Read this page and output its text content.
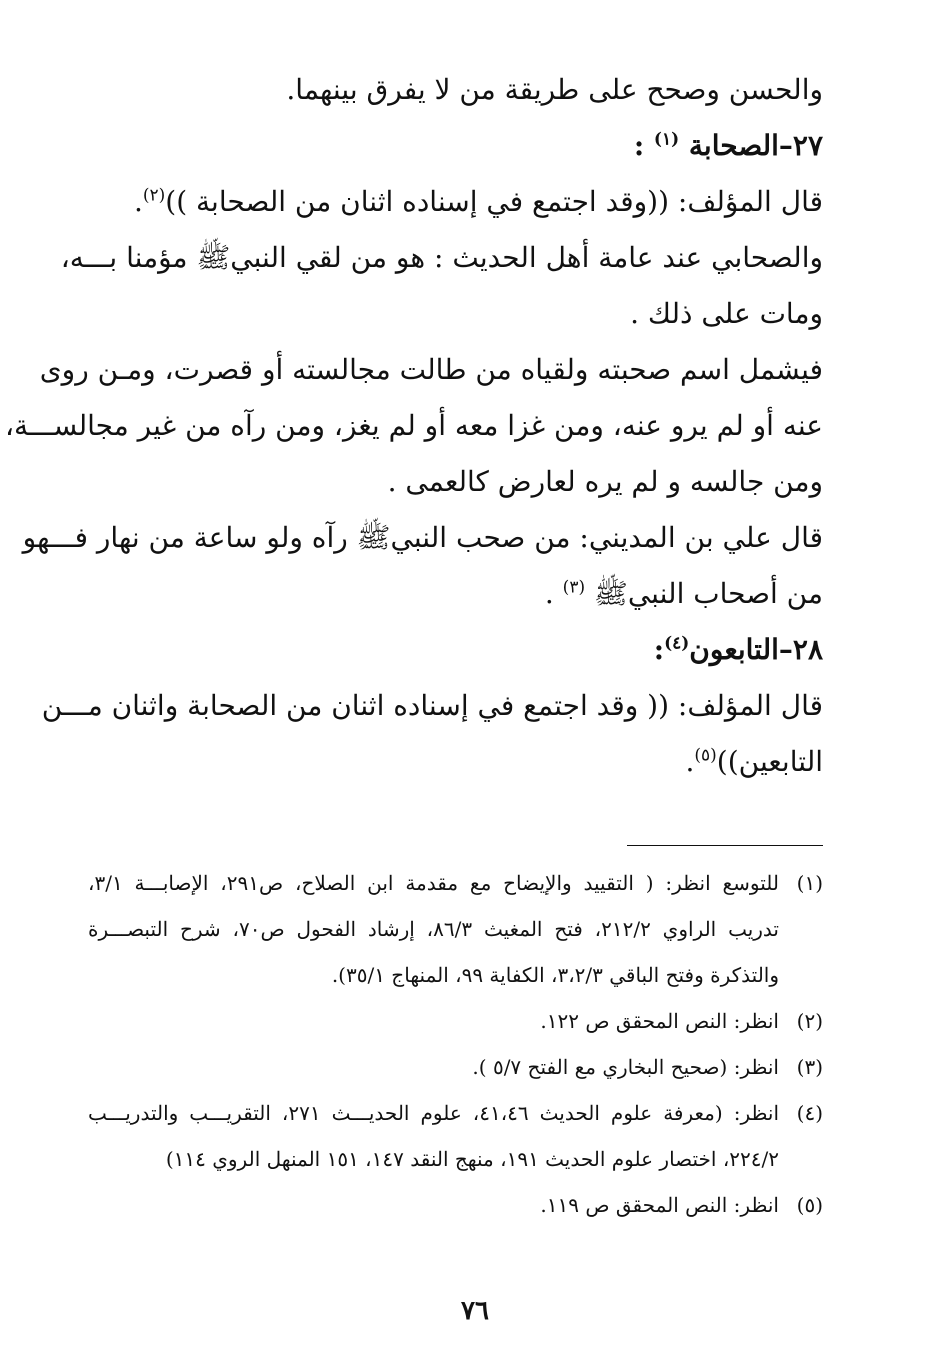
والحسن وصحح على طريقة من لا يفرق بينهما.
٢٧–الصحابة $^{(١)}$ :
قال المؤلف: ((وقد اجتمع في إسناده اثنان من الصحابة ))$^{(٢)}$.
والصحابي عند عامة أهل الحديث : هو من لقي النبيﷺ مؤمنا بـــه،
ومات على ذلك .
فيشمل اسم صحبته ولقياه من طالت مجالسته أو قصرت، ومـن روى
عنه أو لم يرو عنه، ومن غزا معه أو لم يغز، ومن رآه من غير مجالســـة،
ومن جالسه و لم يره لعارض كالعمى .
قال علي بن المديني: من صحب النبيﷺ رآه ولو ساعة من نهار فـــهو
من أصحاب النبيﷺ $^{(٣)}$ .
٢٨–التابعون$^{(٤)}$:
قال المؤلف: (( وقد اجتمع في إسناده اثنان من الصحابة واثنان مـــن
التابعين))$^{(٥)}$.
(١)
للتوسع انظر: ( التقييد والإيضاح مع مقدمة ابن الصلاح، ص٢٩١، الإصابـــة ٣/١،
تدريب الراوي ٢١٢/٢، فتح المغيث ٨٦/٣، إرشاد الفحول ص٧٠، شرح التبصـــرة
والتذكرة وفتح الباقي ٣،٢/٣، الكفاية ٩٩، المنهاج ٣٥/١).
(٢)
انظر: النص المحقق ص ١٢٢.
(٣)
انظر: (صحيح البخاري مع الفتح ٥/٧ ).
(٤)
انظر: (معرفة علوم الحديث ٤١،٤٦، علوم الحديـــث ٢٧١، التقريـــب والتدريـــب
٢٢٤/٢، اختصار علوم الحديث ١٩١، منهج النقد ١٤٧، ١٥١ المنهل الروي ١١٤)
(٥)
انظر: النص المحقق ص ١١٩.
٧٦
